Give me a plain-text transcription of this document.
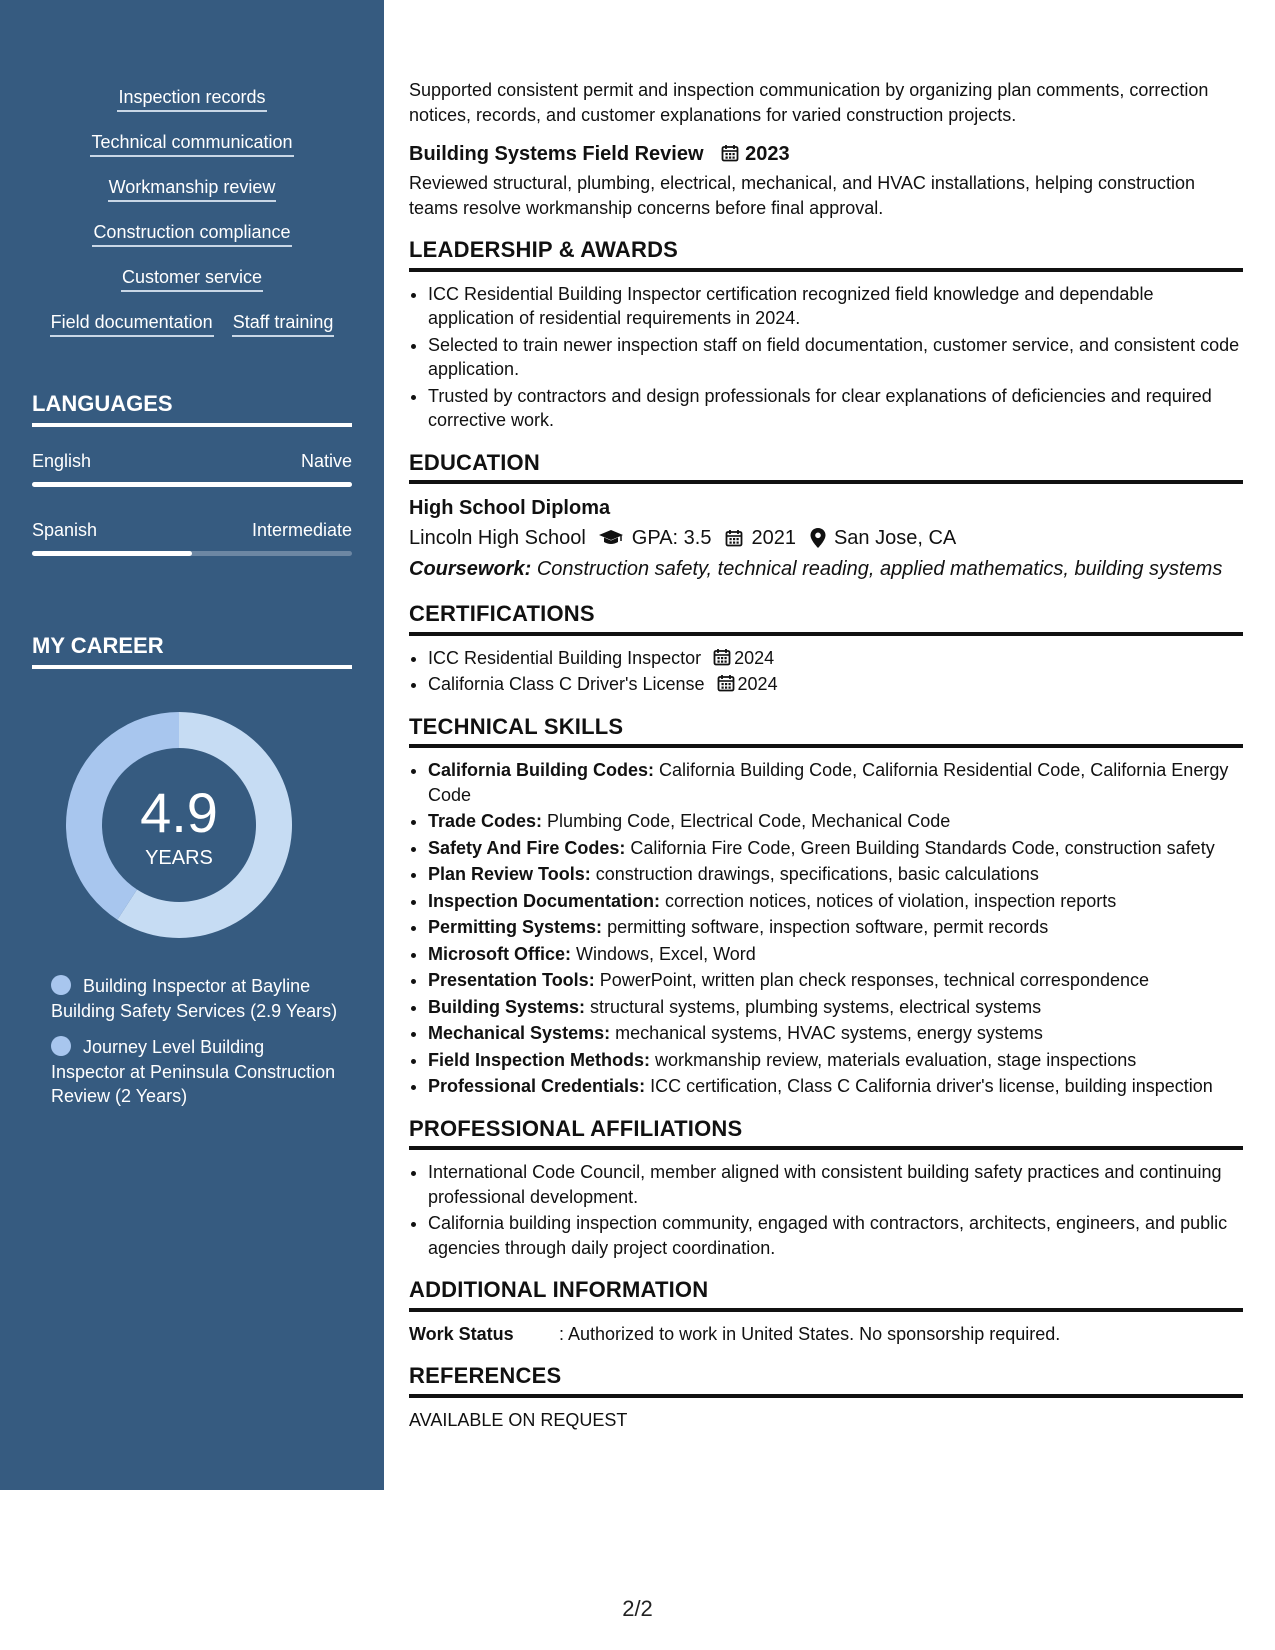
Inspection records
Technical communication
Workmanship review
Construction compliance
Customer service
Field documentation Staff training
LANGUAGES
English	Native
Spanish	Intermediate
MY CAREER
4.9
YEARS
Building Inspector at Bayline Building Safety Services (2.9 Years)
Journey Level Building Inspector at Peninsula Construction Review (2 Years)

Supported consistent permit and inspection communication by organizing plan comments, correction notices, records, and customer explanations for varied construction projects.

Building Systems Field Review 2023

Reviewed structural, plumbing, electrical, mechanical, and HVAC installations, helping construction teams resolve workmanship concerns before final approval.

LEADERSHIP & AWARDS
• ICC Residential Building Inspector certification recognized field knowledge and dependable application of residential requirements in 2024.
• Selected to train newer inspection staff on field documentation, customer service, and consistent code application.
• Trusted by contractors and design professionals for clear explanations of deficiencies and required corrective work.
EDUCATION
High School Diploma
Lincoln High School GPA: 3.5 2021 San Jose, CA
Coursework: Construction safety, technical reading, applied mathematics, building systems
CERTIFICATIONS
• ICC Residential Building Inspector 2024
• California Class C Driver's License 2024
TECHNICAL SKILLS
• California Building Codes: California Building Code, California Residential Code, California Energy Code
• Trade Codes: Plumbing Code, Electrical Code, Mechanical Code
• Safety And Fire Codes: California Fire Code, Green Building Standards Code, construction safety
• Plan Review Tools: construction drawings, specifications, basic calculations
• Inspection Documentation: correction notices, notices of violation, inspection reports
• Permitting Systems: permitting software, inspection software, permit records
• Microsoft Office: Windows, Excel, Word
• Presentation Tools: PowerPoint, written plan check responses, technical correspondence
• Building Systems: structural systems, plumbing systems, electrical systems
• Mechanical Systems: mechanical systems, HVAC systems, energy systems
• Field Inspection Methods: workmanship review, materials evaluation, stage inspections
• Professional Credentials: ICC certification, Class C California driver's license, building inspection
PROFESSIONAL AFFILIATIONS
• International Code Council, member aligned with consistent building safety practices and continuing professional development.
• California building inspection community, engaged with contractors, architects, engineers, and public agencies through daily project coordination.
ADDITIONAL INFORMATION
Work Status	: Authorized to work in United States. No sponsorship required.
REFERENCES
AVAILABLE ON REQUEST
2/2
